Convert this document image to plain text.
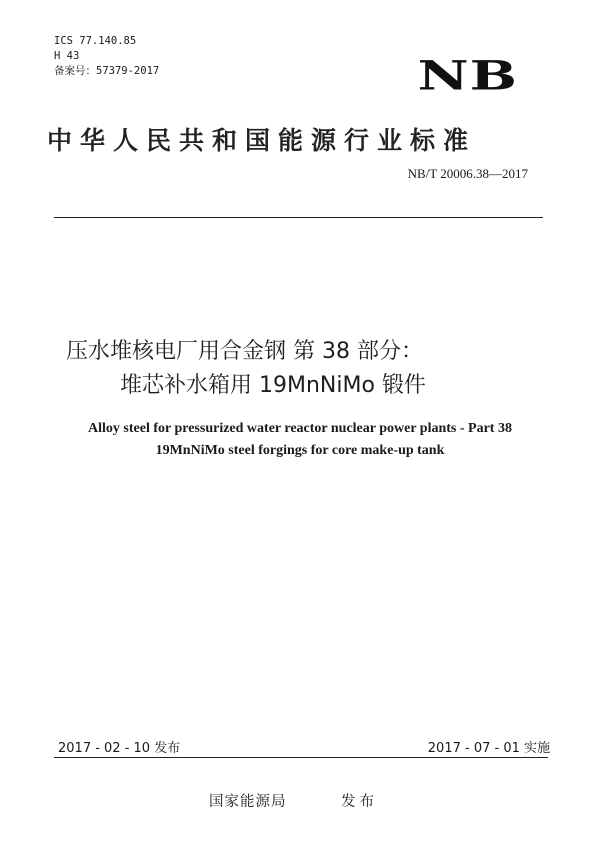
ICS 77.140.85
H 43
备案号：57379-2017	NB
中华人民共和国能源行业标准
NB/T 20006.38—2017
压水堆核电厂用合金钢 第 38 部分：
堆芯补水箱用 19MnNiMo 锻件
Alloy steel for pressurized water reactor nuclear power plants - Part 38
19MnNiMo steel forgings for core make-up tank
2017 - 02 - 10 发布	2017 - 07 - 01 实施
国家能源局	发布
